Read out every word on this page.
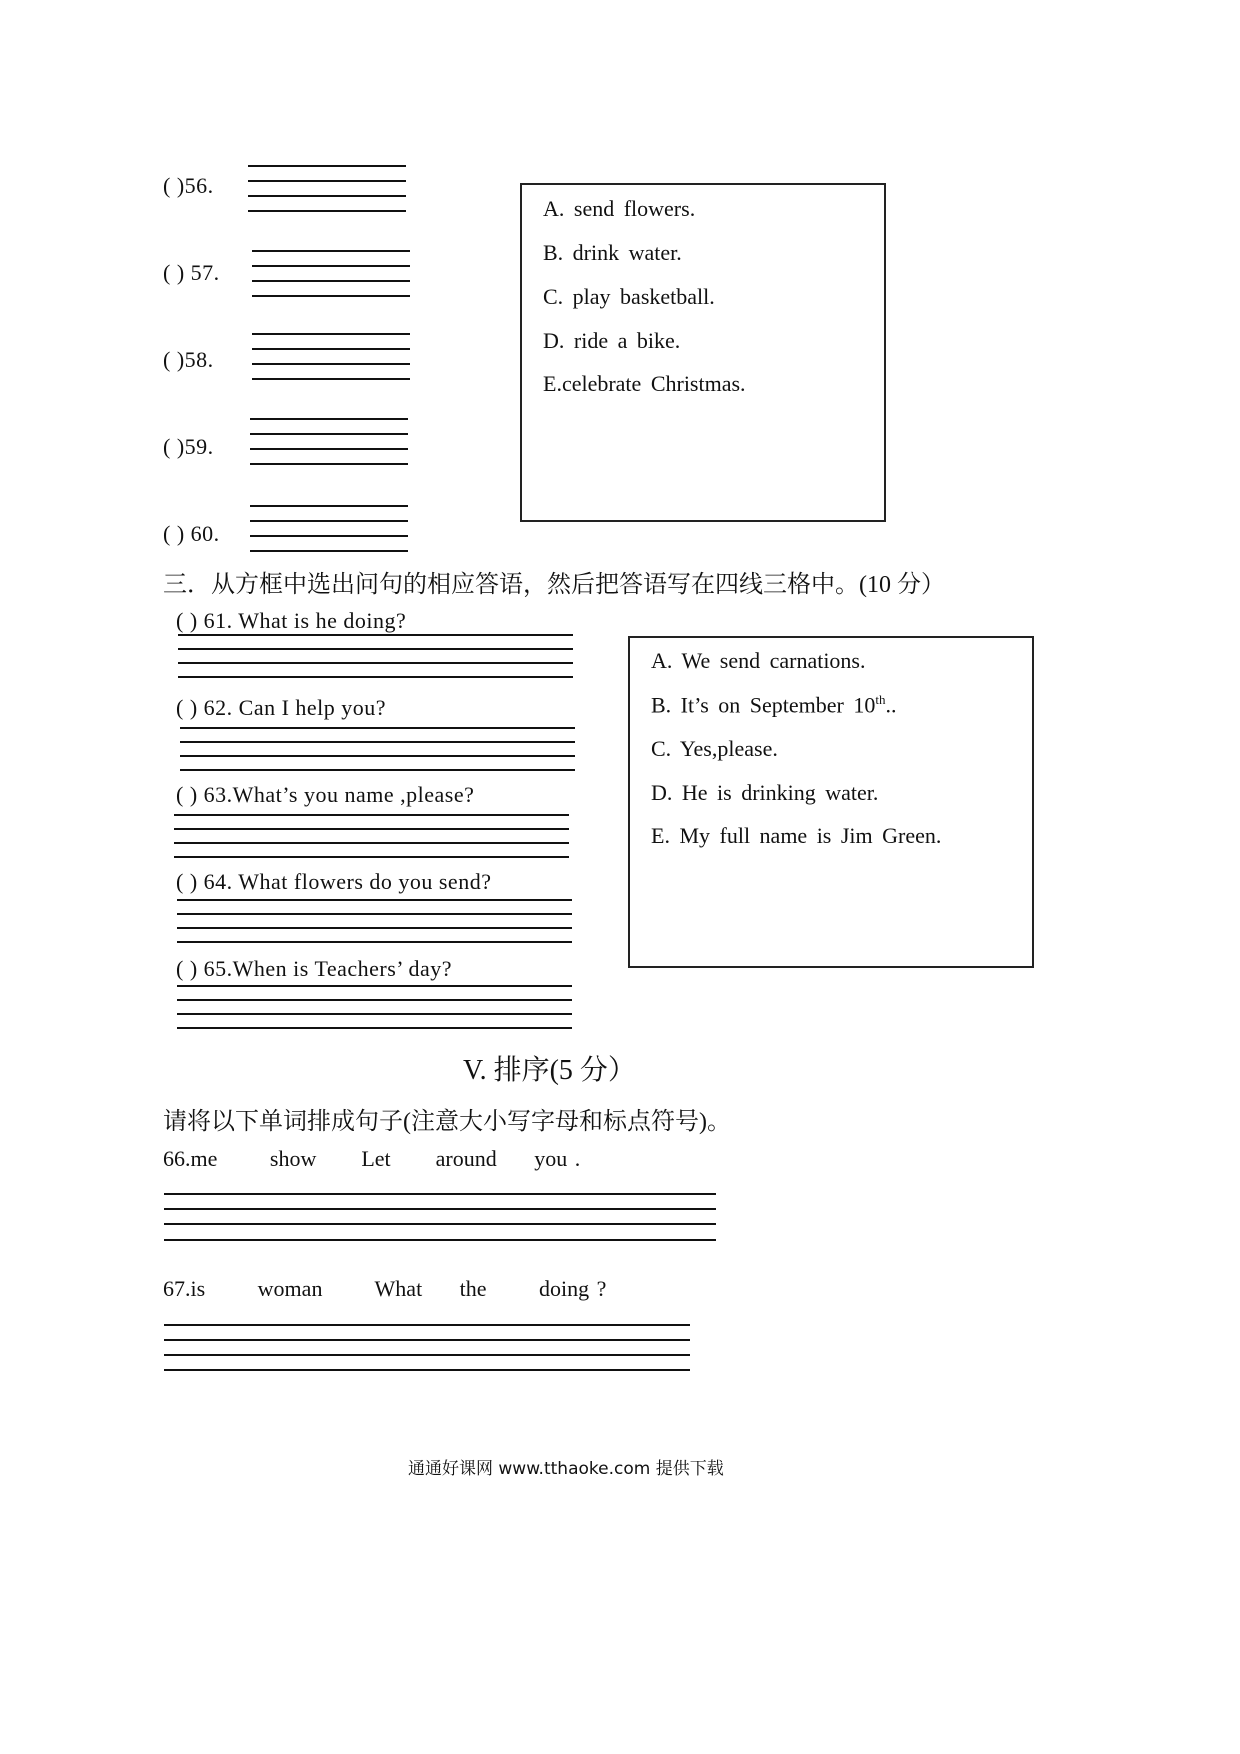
( )56.
( ) 57.
( )58.
( )59.
( ) 60.
A. send flowers.
B. drink water.
C. play basketball.
D. ride a bike.
E.celebrate Christmas.
三．从方框中选出问句的相应答语，然后把答语写在四线三格中。(10 分）
( ) 61. What is he doing?
( ) 62. Can I help you?
( ) 63.What’s you name ,please?
( ) 64. What flowers do you send?
( ) 65.When is Teachers’ day?
A. We send carnations.
B. It’s on September 10th..
C. Yes,please.
D. He is drinking water.
E. My full name is Jim Green.
V. 排序(5 分）
请将以下单词排成句子(注意大小写字母和标点符号)。
66.me       show      Let      around     you .
67.is       woman       What     the       doing ?
通通好课网 www.tthaoke.com 提供下载
